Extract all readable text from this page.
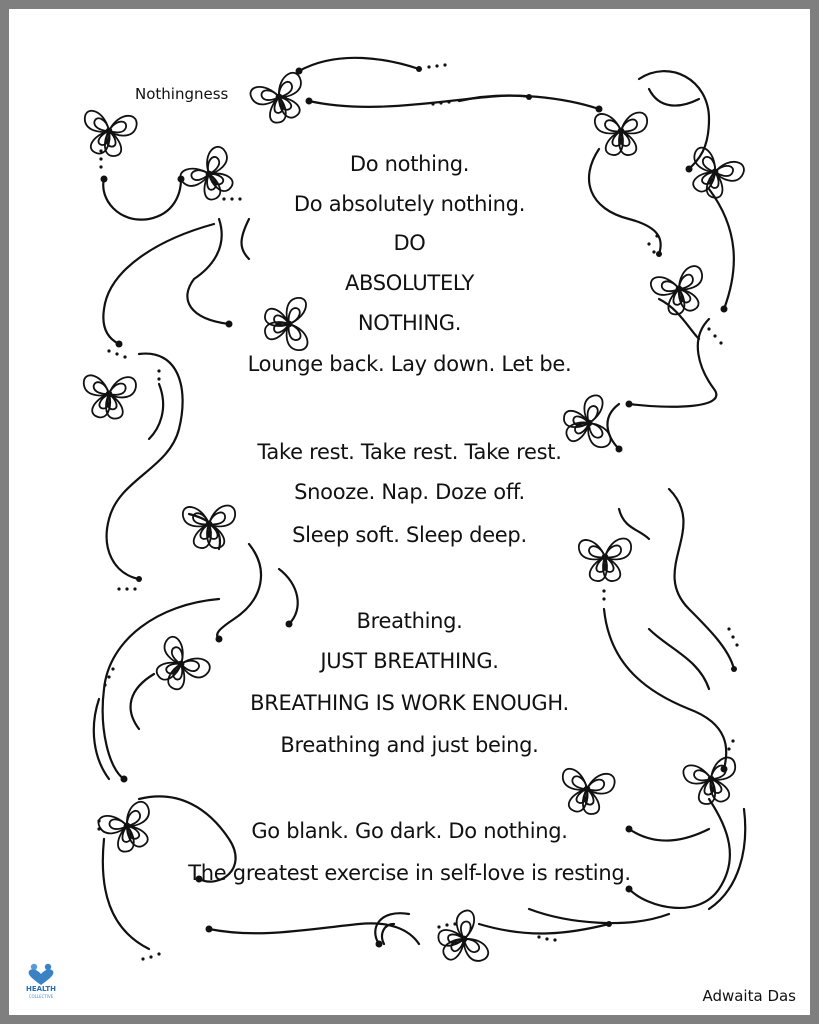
Nothingness
Do nothing.
Do absolutely nothing.
DO
ABSOLUTELY
NOTHING.
Lounge back. Lay down. Let be.
Take rest. Take rest. Take rest.
Snooze. Nap. Doze off.
Sleep soft. Sleep deep.
Breathing.
JUST BREATHING.
BREATHING IS WORK ENOUGH.
Breathing and just being.
Go blank. Go dark. Do nothing.
The greatest exercise in self-love is resting.
HEALTH
COLLECTIVE	Adwaita Das
